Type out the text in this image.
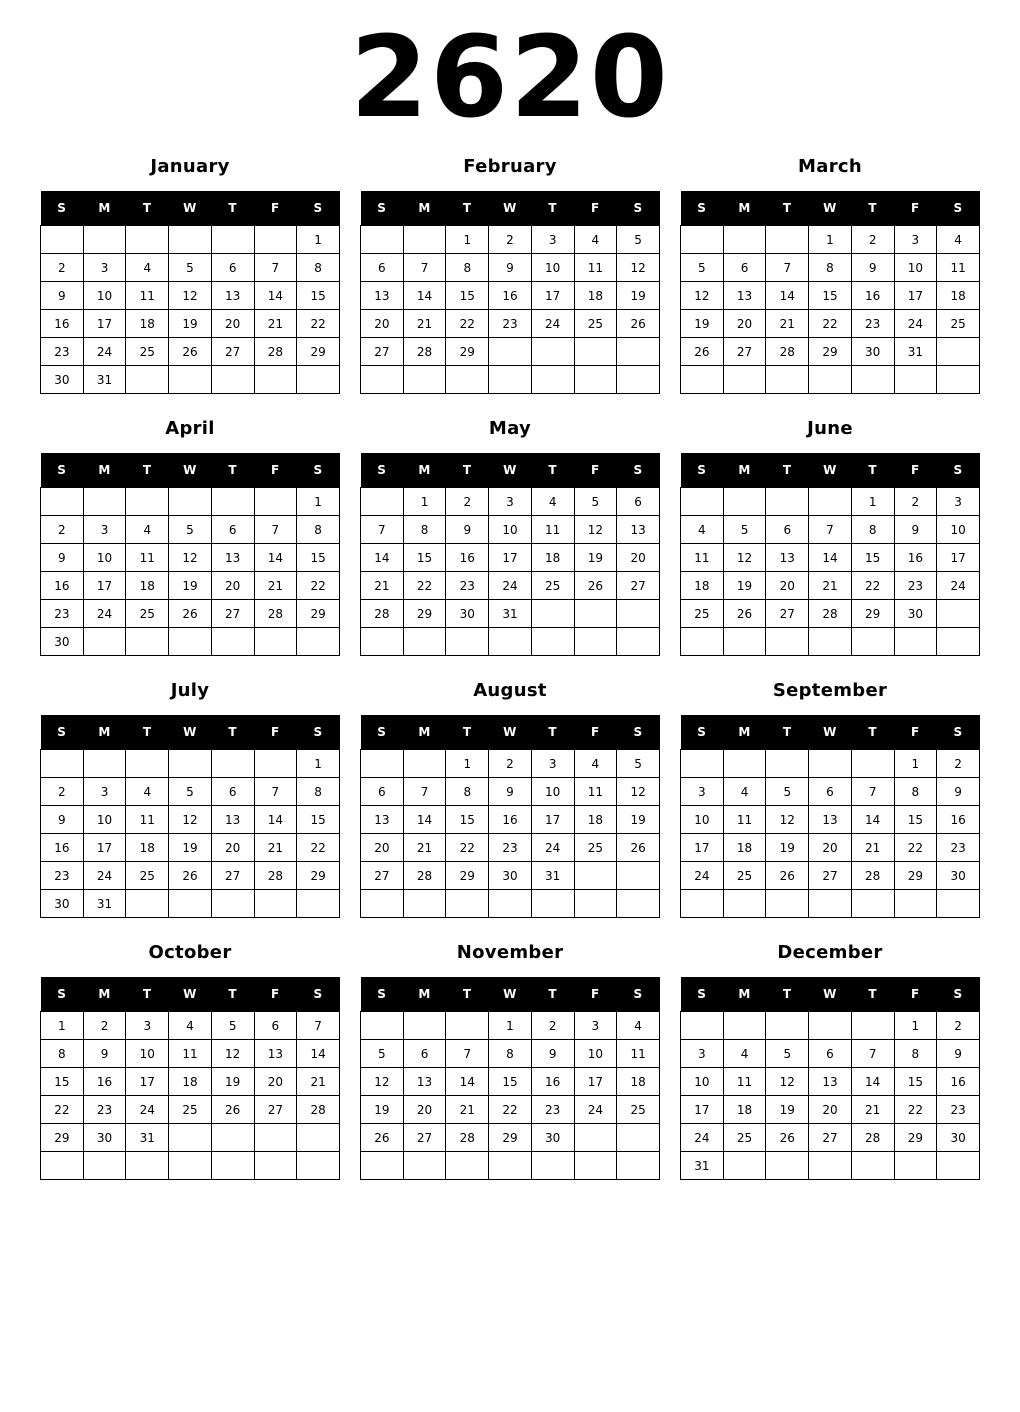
2620
January
S	M	T	W	T	F	S
						1
2	3	4	5	6	7	8
9	10	11	12	13	14	15
16	17	18	19	20	21	22
23	24	25	26	27	28	29
30	31					
February
S	M	T	W	T	F	S
		1	2	3	4	5
6	7	8	9	10	11	12
13	14	15	16	17	18	19
20	21	22	23	24	25	26
27	28	29				

March
S	M	T	W	T	F	S
			1	2	3	4
5	6	7	8	9	10	11
12	13	14	15	16	17	18
19	20	21	22	23	24	25
26	27	28	29	30	31	

April
S	M	T	W	T	F	S
						1
2	3	4	5	6	7	8
9	10	11	12	13	14	15
16	17	18	19	20	21	22
23	24	25	26	27	28	29
30						
May
S	M	T	W	T	F	S
	1	2	3	4	5	6
7	8	9	10	11	12	13
14	15	16	17	18	19	20
21	22	23	24	25	26	27
28	29	30	31			

June
S	M	T	W	T	F	S
				1	2	3
4	5	6	7	8	9	10
11	12	13	14	15	16	17
18	19	20	21	22	23	24
25	26	27	28	29	30	

July
S	M	T	W	T	F	S
						1
2	3	4	5	6	7	8
9	10	11	12	13	14	15
16	17	18	19	20	21	22
23	24	25	26	27	28	29
30	31					
August
S	M	T	W	T	F	S
		1	2	3	4	5
6	7	8	9	10	11	12
13	14	15	16	17	18	19
20	21	22	23	24	25	26
27	28	29	30	31		

September
S	M	T	W	T	F	S
					1	2
3	4	5	6	7	8	9
10	11	12	13	14	15	16
17	18	19	20	21	22	23
24	25	26	27	28	29	30

October
S	M	T	W	T	F	S
1	2	3	4	5	6	7
8	9	10	11	12	13	14
15	16	17	18	19	20	21
22	23	24	25	26	27	28
29	30	31				

November
S	M	T	W	T	F	S
			1	2	3	4
5	6	7	8	9	10	11
12	13	14	15	16	17	18
19	20	21	22	23	24	25
26	27	28	29	30		

December
S	M	T	W	T	F	S
					1	2
3	4	5	6	7	8	9
10	11	12	13	14	15	16
17	18	19	20	21	22	23
24	25	26	27	28	29	30
31						
